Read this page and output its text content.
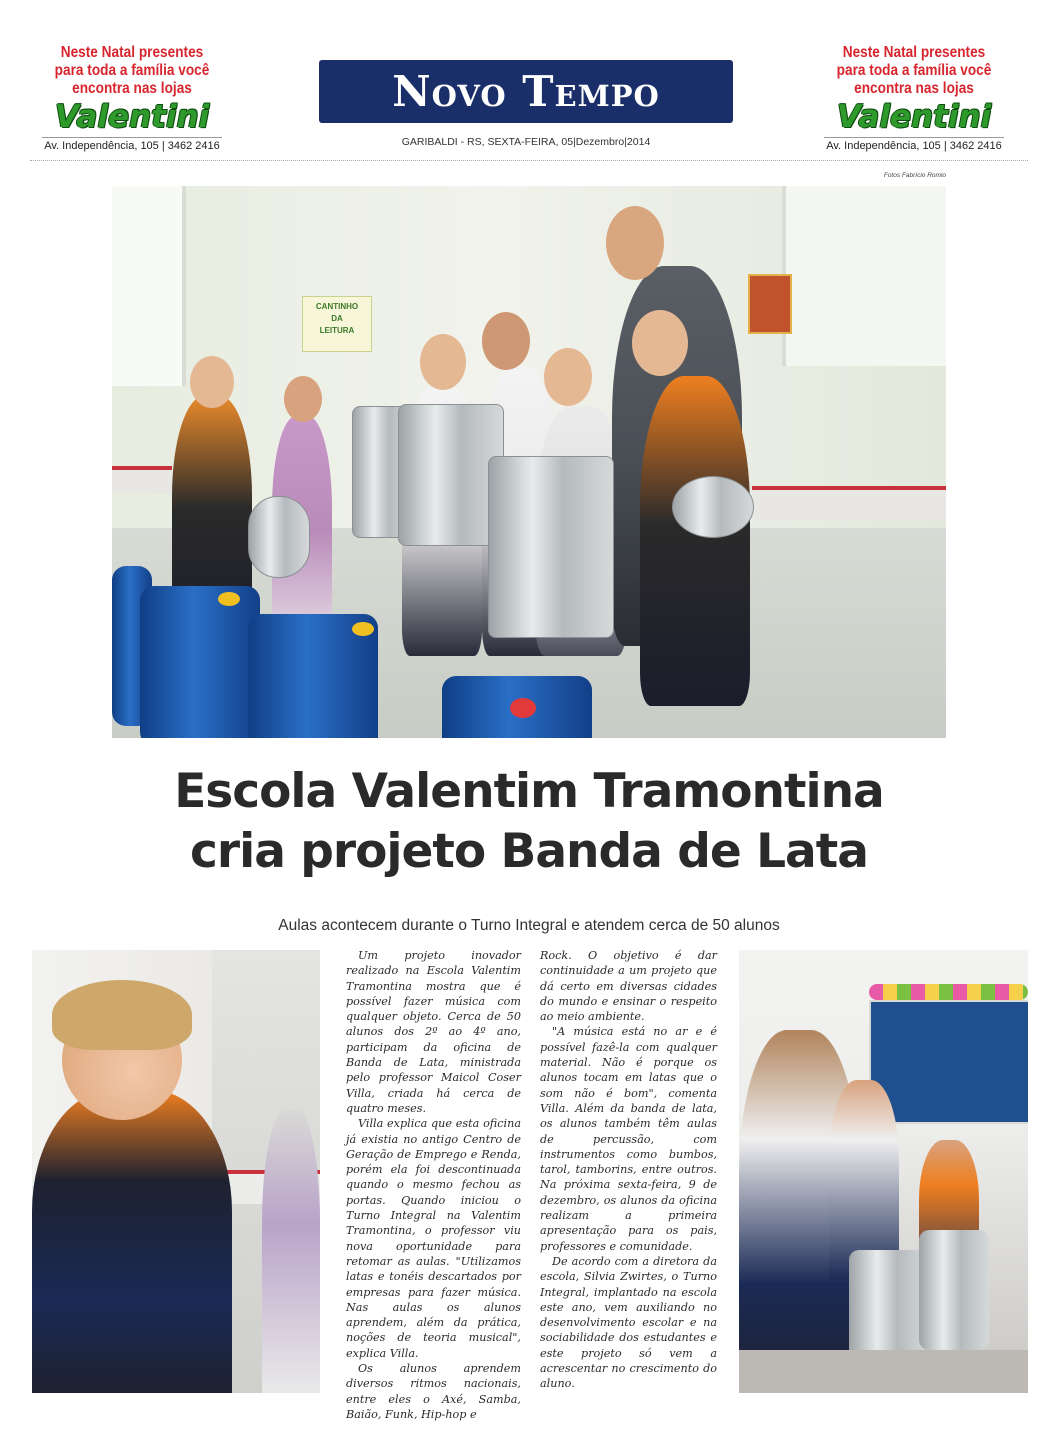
Neste Natal presentes
para toda a família você
encontra nas lojas
Valentini
Av. Independência, 105 | 3462 2416
Neste Natal presentes
para toda a família você
encontra nas lojas
Valentini
Av. Independência, 105 | 3462 2416
Novo Tempo
GARIBALDI - RS, SEXTA-FEIRA, 05|Dezembro|2014
Fotos Fabrício Romio
CANTINHO
DA
LEITURA
Escola Valentim Tramontina
cria projeto Banda de Lata
Aulas acontecem durante o Turno Integral e atendem cerca de 50 alunos

Um projeto inovador realizado na Escola Valentim Tramontina mostra que é possível fazer música com qualquer objeto. Cerca de 50 alunos dos 2º ao 4º ano, participam da oficina de Banda de Lata, ministrada pelo professor Maicol Coser Villa, criada há cerca de quatro meses.

Villa explica que esta oficina já existia no antigo Centro de Geração de Emprego e Renda, porém ela foi descontinuada quando o mesmo fechou as portas. Quando iniciou o Turno Integral na Valentim Tramontina, o professor viu nova oportunidade para retomar as aulas. "Utilizamos latas e tonéis descartados por empresas para fazer música. Nas aulas os alunos aprendem, além da prática, noções de teoria musical", explica Villa.

Os alunos aprendem diversos ritmos nacionais, entre eles o Axé, Samba, Baião, Funk, Hip-hop e

Rock. O objetivo é dar continuidade a um projeto que dá certo em diversas cidades do mundo e ensinar o respeito ao meio ambiente.

"A música está no ar e é possível fazê-la com qualquer material. Não é porque os alunos tocam em latas que o som não é bom", comenta Villa. Além da banda de lata, os alunos também têm aulas de percussão, com instrumentos como bumbos, tarol, tamborins, entre outros. Na próxima sexta-feira, 9 de dezembro, os alunos da oficina realizam a primeira apresentação para os pais, professores e comunidade.

De acordo com a diretora da escola, Silvia Zwirtes, o Turno Integral, implantado na escola este ano, vem auxiliando no desenvolvimento escolar e na sociabilidade dos estudantes e este projeto só vem a acrescentar no crescimento do aluno.
